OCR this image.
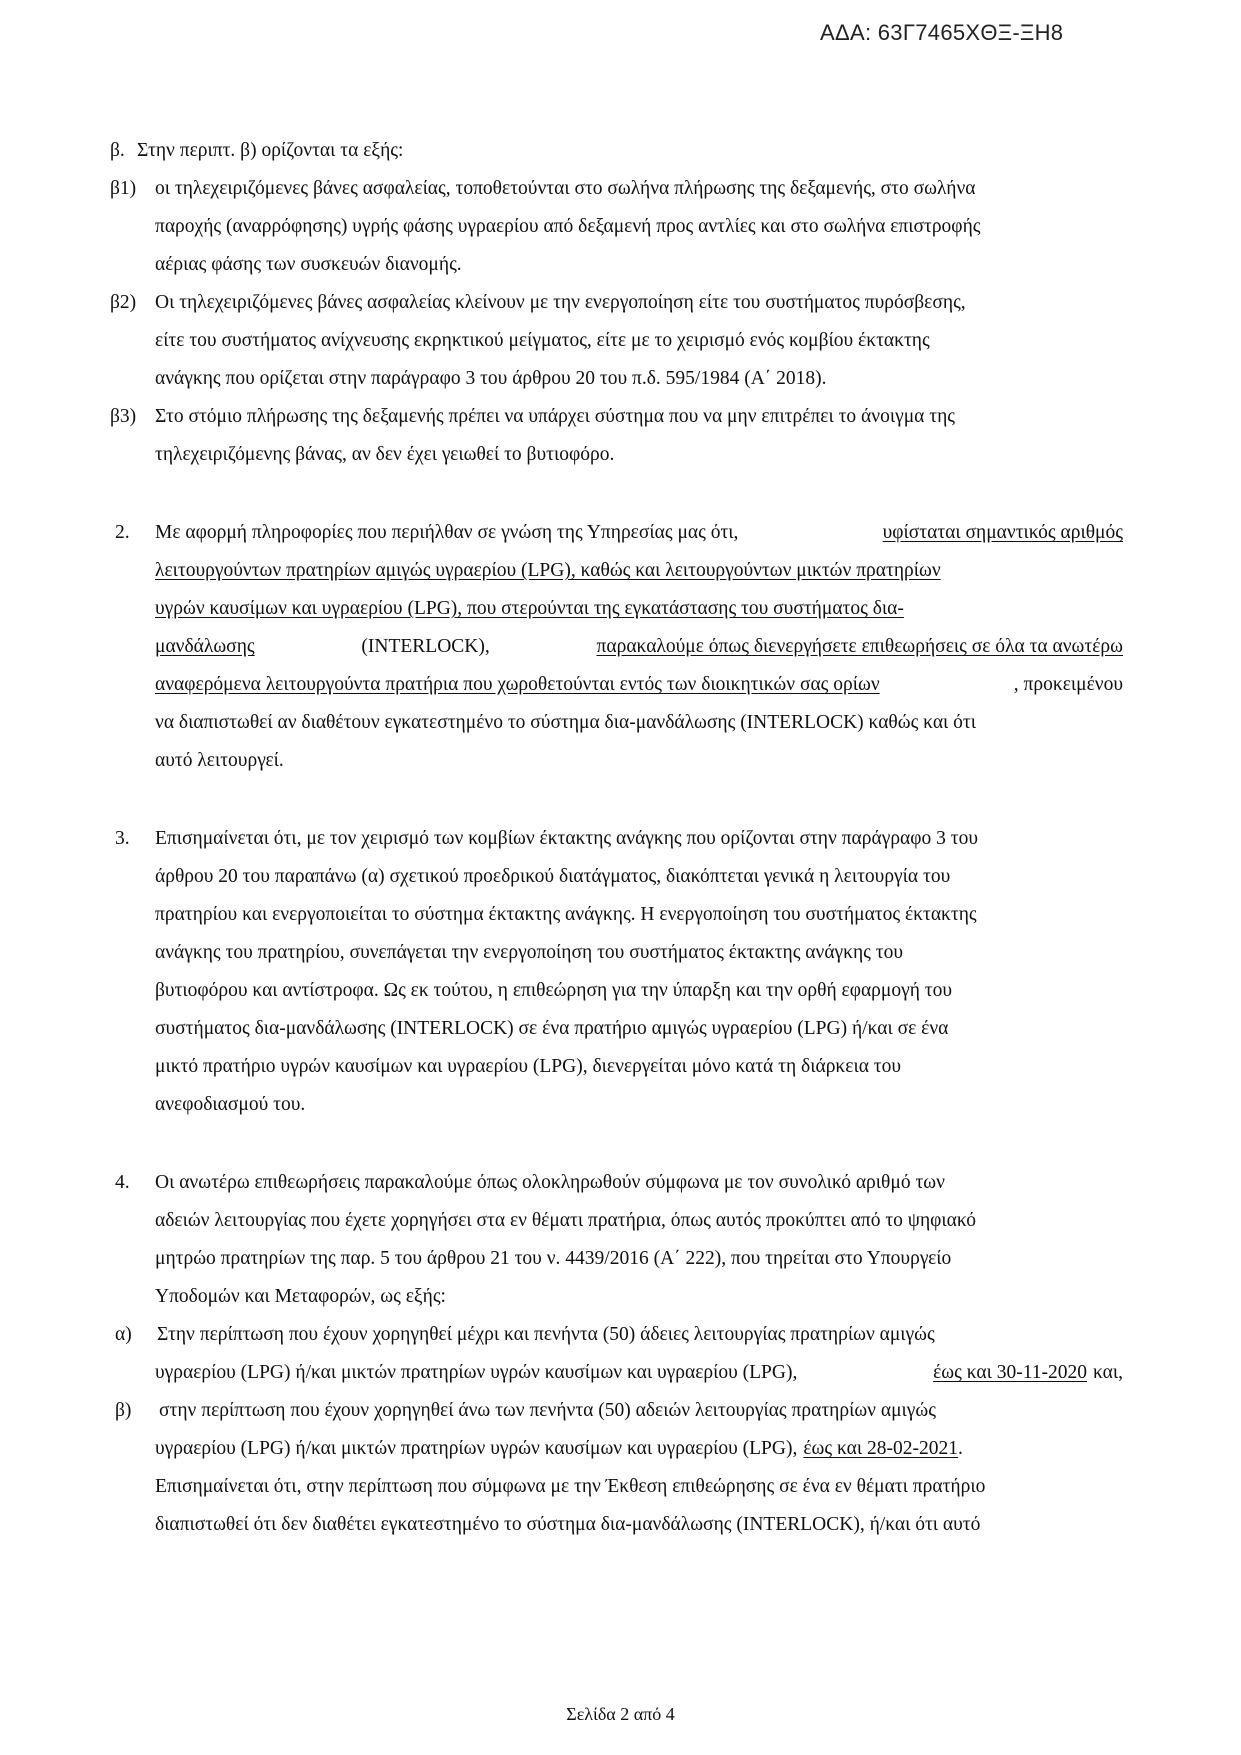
ΑΔΑ: 63Γ7465ΧΘΞ-ΞΗ8
β. Στην περιπτ. β) ορίζονται τα εξής:
β1) οι τηλεχειριζόμενες βάνες ασφαλείας, τοποθετούνται στο σωλήνα πλήρωσης της δεξαμενής, στο σωλήνα
παροχής (αναρρόφησης) υγρής φάσης υγραερίου από δεξαμενή προς αντλίες και στο σωλήνα επιστροφής
αέριας φάσης των συσκευών διανομής.
β2) Οι τηλεχειριζόμενες βάνες ασφαλείας κλείνουν με την ενεργοποίηση είτε του συστήματος πυρόσβεσης,
είτε του συστήματος ανίχνευσης εκρηκτικού μείγματος, είτε με το χειρισμό ενός κομβίου έκτακτης
ανάγκης που ορίζεται στην παράγραφο 3 του άρθρου 20 του π.δ. 595/1984 (Α΄ 2018).
β3) Στο στόμιο πλήρωσης της δεξαμενής πρέπει να υπάρχει σύστημα που να μην επιτρέπει το άνοιγμα της
τηλεχειριζόμενης βάνας, αν δεν έχει γειωθεί το βυτιοφόρο.
2. Με αφορμή πληροφορίες που περιήλθαν σε γνώση της Υπηρεσίας μας ότι,	υφίσταται σημαντικός αριθμός
λειτουργούντων πρατηρίων αμιγώς υγραερίου (LPG), καθώς και λειτουργούντων μικτών πρατηρίων
υγρών καυσίμων και υγραερίου (LPG), που στερούνται της εγκατάστασης του συστήματος δια-
μανδάλωσης	(INTERLOCK),	παρακαλούμε όπως διενεργήσετε επιθεωρήσεις σε όλα τα ανωτέρω
αναφερόμενα λειτουργούντα πρατήρια που χωροθετούνται εντός των διοικητικών σας ορίων	, προκειμένου
να διαπιστωθεί αν διαθέτουν εγκατεστημένο το σύστημα δια-μανδάλωσης (INTERLOCK) καθώς και ότι
αυτό λειτουργεί.
3. Επισημαίνεται ότι, με τον χειρισμό των κομβίων έκτακτης ανάγκης που ορίζονται στην παράγραφο 3 του
άρθρου 20 του παραπάνω (α) σχετικού προεδρικού διατάγματος, διακόπτεται γενικά η λειτουργία του
πρατηρίου και ενεργοποιείται το σύστημα έκτακτης ανάγκης. Η ενεργοποίηση του συστήματος έκτακτης
ανάγκης του πρατηρίου, συνεπάγεται την ενεργοποίηση του συστήματος έκτακτης ανάγκης του
βυτιοφόρου και αντίστροφα. Ως εκ τούτου, η επιθεώρηση για την ύπαρξη και την ορθή εφαρμογή του
συστήματος δια-μανδάλωσης (INTERLOCK) σε ένα πρατήριο αμιγώς υγραερίου (LPG) ή/και σε ένα
μικτό πρατήριο υγρών καυσίμων και υγραερίου (LPG), διενεργείται μόνο κατά τη διάρκεια του
ανεφοδιασμού του.
4. Οι ανωτέρω επιθεωρήσεις παρακαλούμε όπως ολοκληρωθούν σύμφωνα με τον συνολικό αριθμό των
αδειών λειτουργίας που έχετε χορηγήσει στα εν θέματι πρατήρια, όπως αυτός προκύπτει από το ψηφιακό
μητρώο πρατηρίων της παρ. 5 του άρθρου 21 του ν. 4439/2016 (Α΄ 222), που τηρείται στο Υπουργείο
Υποδομών και Μεταφορών, ως εξής:
α) Στην περίπτωση που έχουν χορηγηθεί μέχρι και πενήντα (50) άδειες λειτουργίας πρατηρίων αμιγώς
υγραερίου (LPG) ή/και μικτών πρατηρίων υγρών καυσίμων και υγραερίου (LPG),	έως και 30-11-2020 και,
β) στην περίπτωση που έχουν χορηγηθεί άνω των πενήντα (50) αδειών λειτουργίας πρατηρίων αμιγώς
υγραερίου (LPG) ή/και μικτών πρατηρίων υγρών καυσίμων και υγραερίου (LPG), έως και 28-02-2021.
Επισημαίνεται ότι, στην περίπτωση που σύμφωνα με την Έκθεση επιθεώρησης σε ένα εν θέματι πρατήριο
διαπιστωθεί ότι δεν διαθέτει εγκατεστημένο το σύστημα δια-μανδάλωσης (INTERLOCK), ή/και ότι αυτό
Σελίδα 2 από 4
